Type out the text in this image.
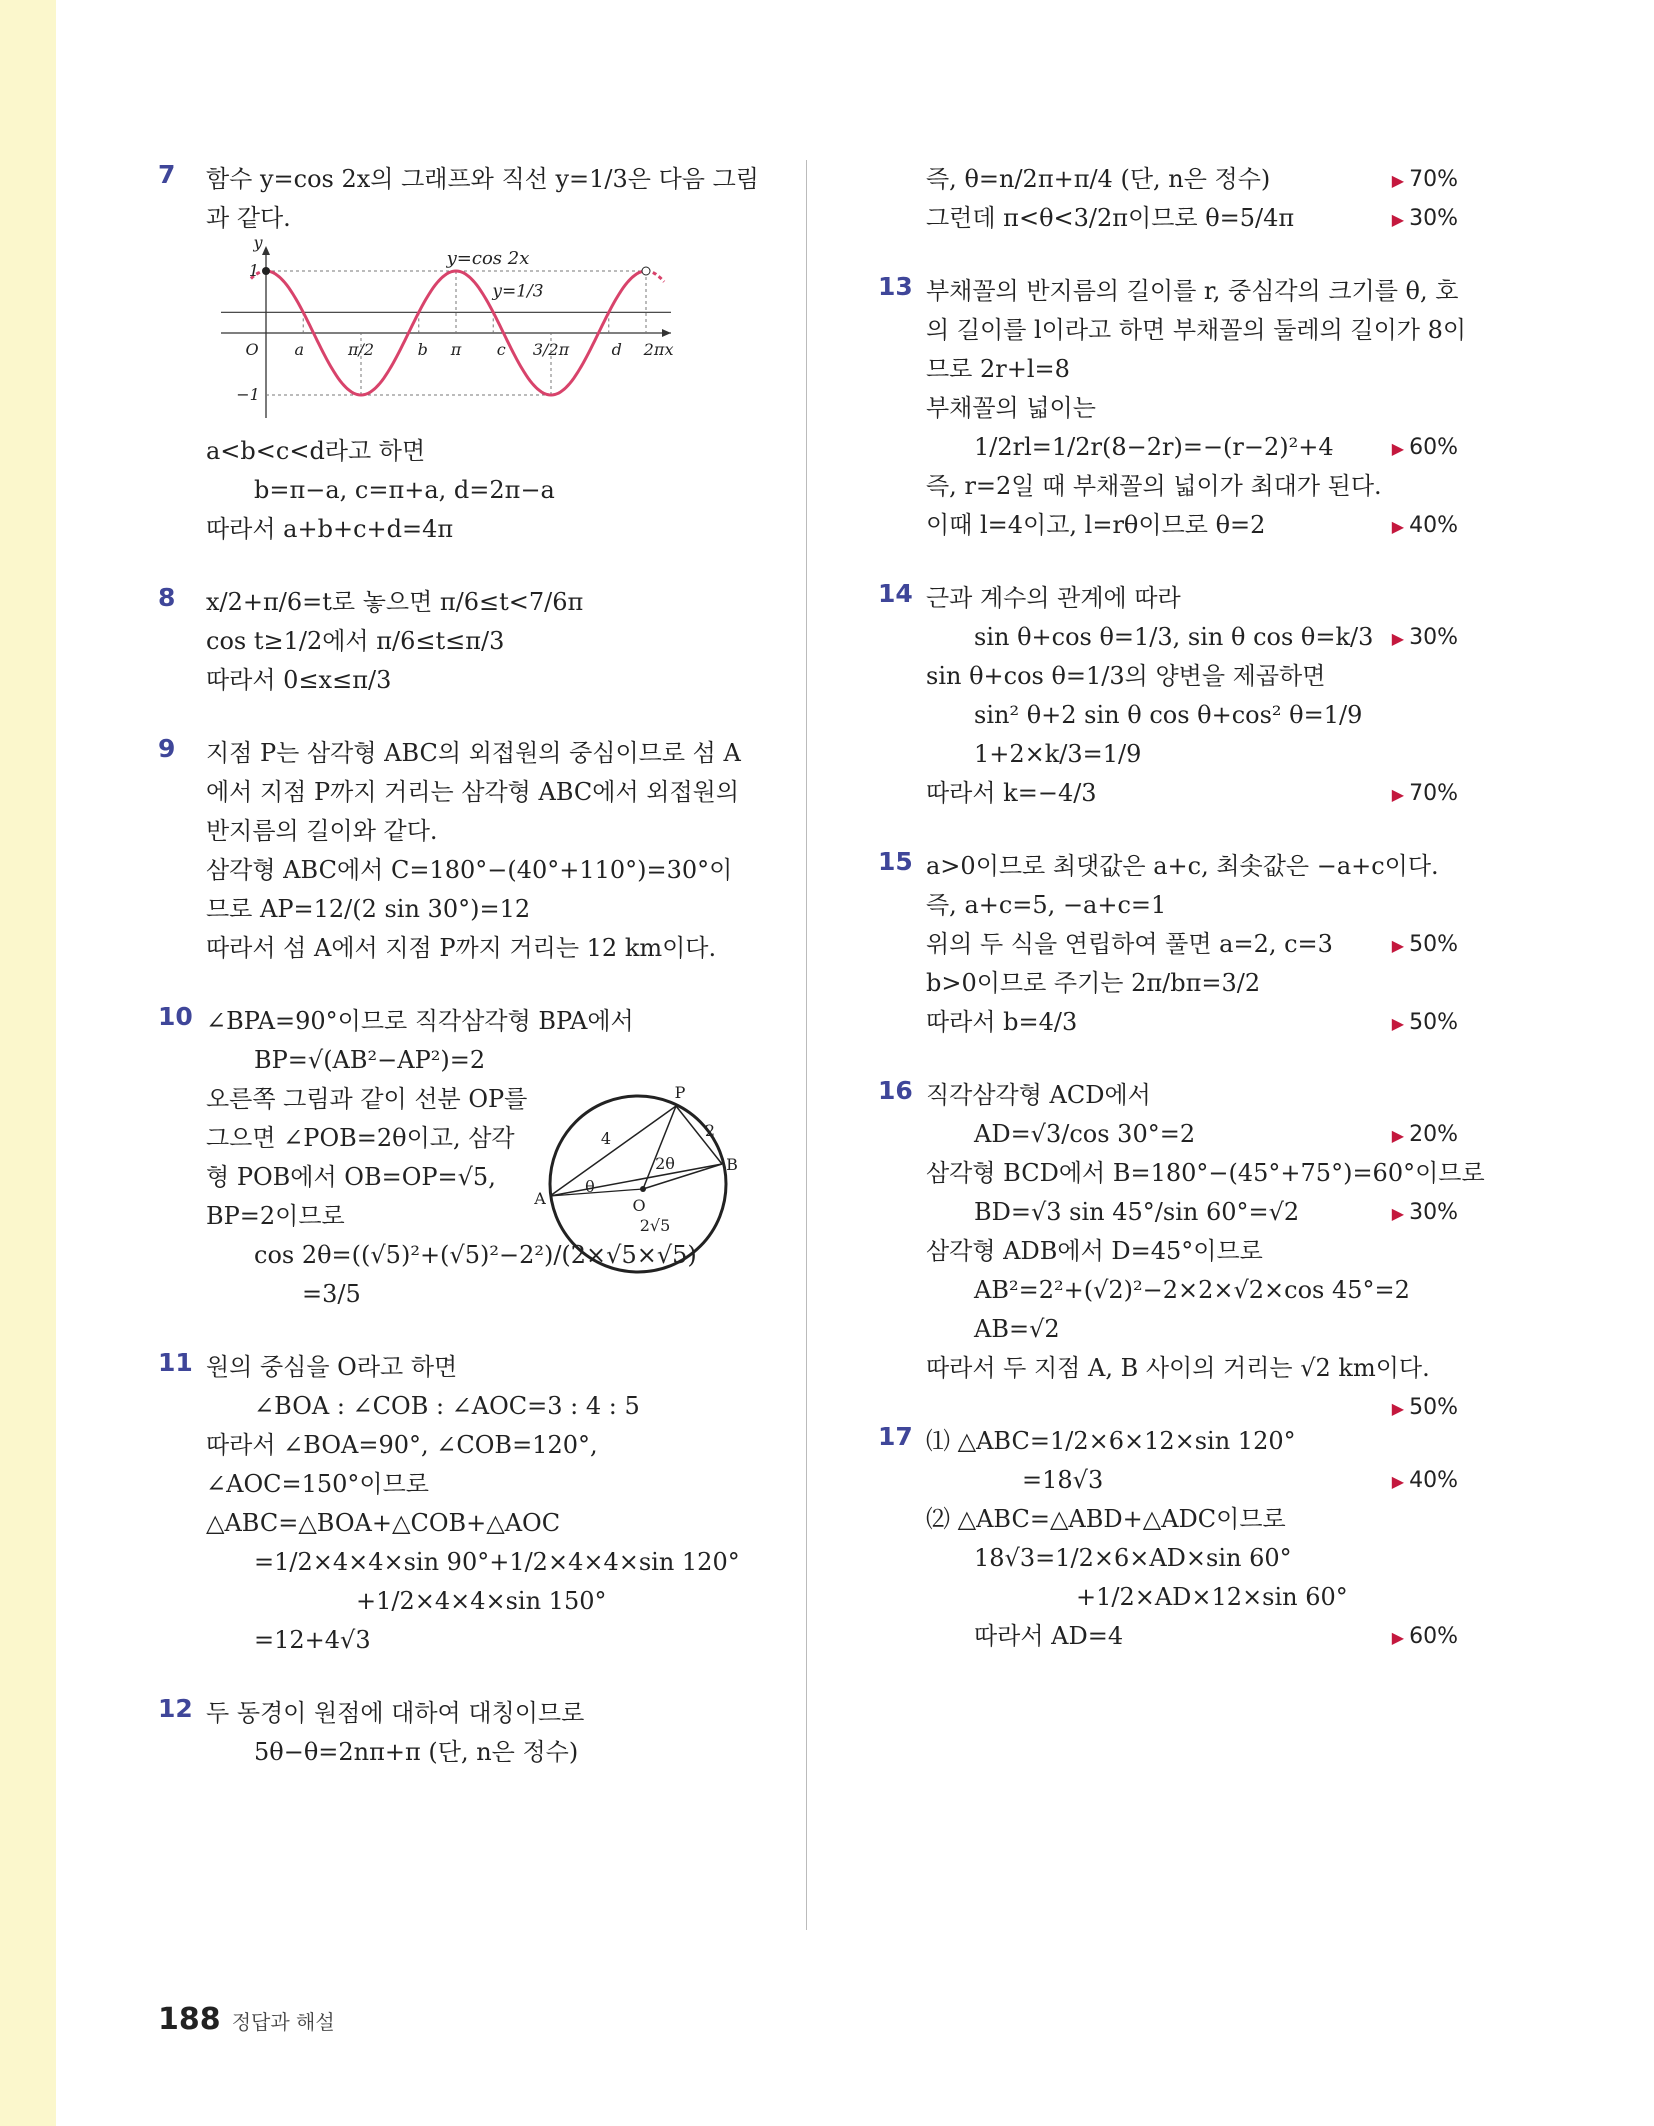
7 함수 y=cos 2x의 그래프와 직선 y=1/3은 다음 그림
과 같다.
y
x
y=cos 2x
y=1/3
1
−1
O a	π/2	b π c 3/2π	d 2π
a<b<c<d라고 하면
b=π−a, c=π+a, d=2π−a
따라서 a+b+c+d=4π
8 x/2+π/6=t로 놓으면 π/6≤t<7/6π
cos t≥1/2에서 π/6≤t≤π/3
따라서 0≤x≤π/3
9 지점 P는 삼각형 ABC의 외접원의 중심이므로 섬 A
에서 지점 P까지 거리는 삼각형 ABC에서 외접원의
반지름의 길이와 같다.
삼각형 ABC에서 C=180°−(40°+110°)=30°이
므로 AP=12/(2 sin 30°)=12
따라서 섬 A에서 지점 P까지 거리는 12 km이다.
10
P
A
B
O
2θ
θ
4	2
2√5
∠BPA=90°이므로 직각삼각형 BPA에서
BP=√(AB²−AP²)=2
오른쪽 그림과 같이 선분 OP를
그으면 ∠POB=2θ이고, 삼각
형 POB에서 OB=OP=√5,
BP=2이므로
cos 2θ=((√5)²+(√5)²−2²)/(2×√5×√5)
=3/5
11 원의 중심을 O라고 하면
∠BOA : ∠COB : ∠AOC=3 : 4 : 5
따라서 ∠BOA=90°, ∠COB=120°,
∠AOC=150°이므로
△ABC=△BOA+△COB+△AOC
=1/2×4×4×sin 90°+1/2×4×4×sin 120°
+1/2×4×4×sin 150°
=12+4√3
12 두 동경이 원점에 대하여 대칭이므로
5θ−θ=2nπ+π (단, n은 정수)
즉, θ=n/2π+π/4 (단, n은 정수)	▶ 70%
그런데 π<θ<3/2π이므로 θ=5/4π	▶ 30%
13 부채꼴의 반지름의 길이를 r, 중심각의 크기를 θ, 호
의 길이를 l이라고 하면 부채꼴의 둘레의 길이가 8이
므로 2r+l=8
부채꼴의 넓이는
1/2rl=1/2r(8−2r)=−(r−2)²+4	▶ 60%
즉, r=2일 때 부채꼴의 넓이가 최대가 된다.
이때 l=4이고, l=rθ이므로 θ=2	▶ 40%
14 근과 계수의 관계에 따라
sin θ+cos θ=1/3, sin θ cos θ=k/3	▶ 30%
sin θ+cos θ=1/3의 양변을 제곱하면
sin² θ+2 sin θ cos θ+cos² θ=1/9
1+2×k/3=1/9
따라서 k=−4/3	▶ 70%
15 a>0이므로 최댓값은 a+c, 최솟값은 −a+c이다.
즉, a+c=5, −a+c=1
위의 두 식을 연립하여 풀면 a=2, c=3	▶ 50%
b>0이므로 주기는 2π/bπ=3/2
따라서 b=4/3	▶ 50%
16 직각삼각형 ACD에서
AD=√3/cos 30°=2	▶ 20%
삼각형 BCD에서 B=180°−(45°+75°)=60°이므로
BD=√3 sin 45°/sin 60°=√2	▶ 30%
삼각형 ADB에서 D=45°이므로
AB²=2²+(√2)²−2×2×√2×cos 45°=2
AB=√2
따라서 두 지점 A, B 사이의 거리는 √2 km이다.
▶ 50%
17 ⑴ △ABC=1/2×6×12×sin 120°
=18√3	▶ 40%
⑵ △ABC=△ABD+△ADC이므로
18√3=1/2×6×AD×sin 60°
+1/2×AD×12×sin 60°
따라서 AD=4	▶ 60%
188 정답과 해설
